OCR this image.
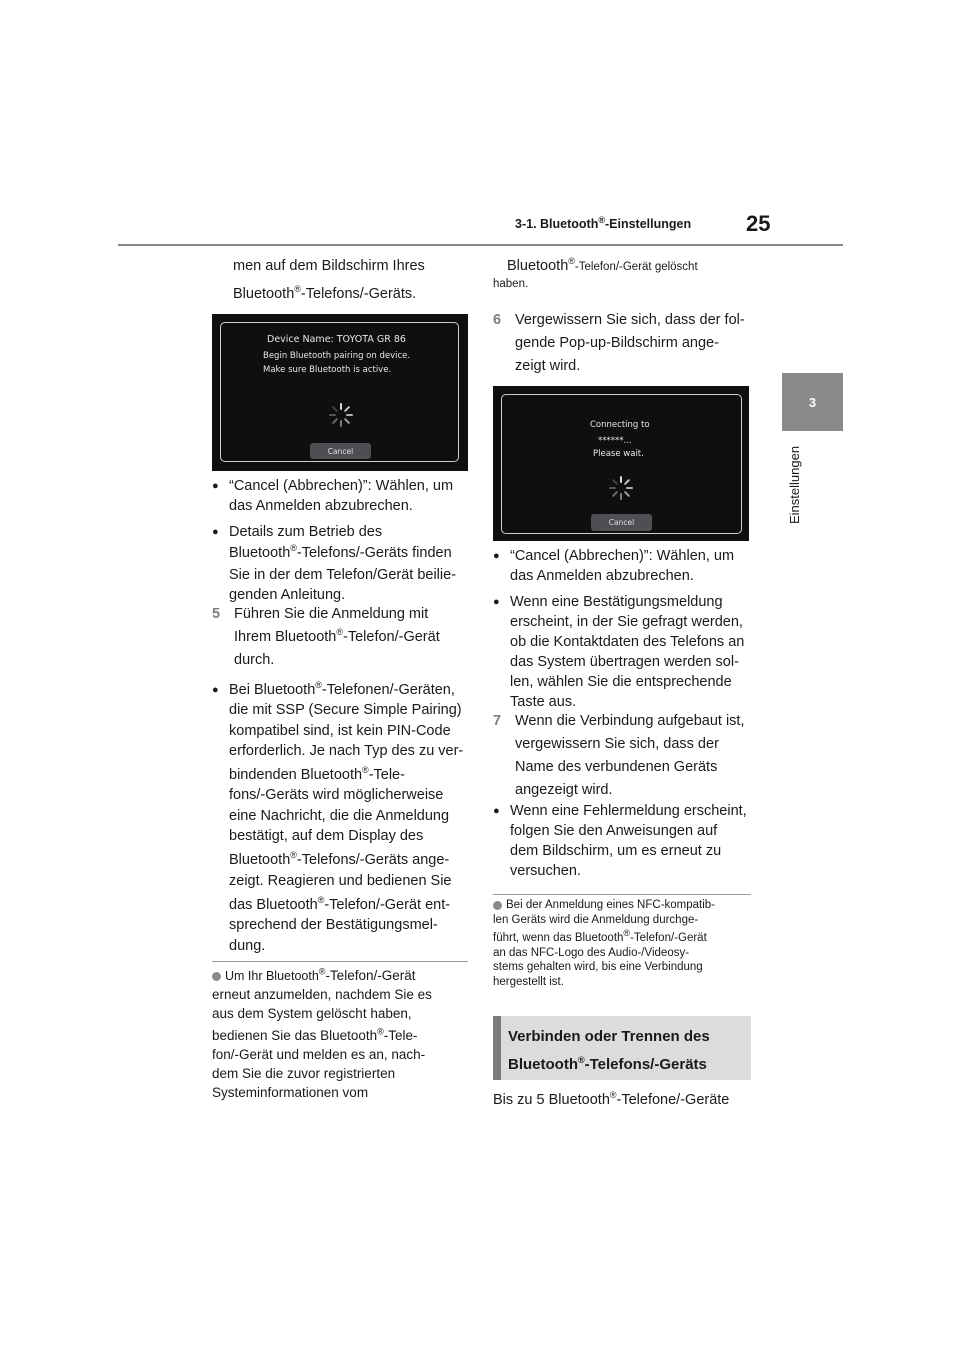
3-1. Bluetooth®-Einstellungen 25
3
Einstellungen
men auf dem Bildschirm Ihres
Bluetooth®-Telefons/-Geräts.
Device Name: TOYOTA GR 86
Begin Bluetooth pairing on device.
Make sure Bluetooth is active.
Cancel
● “Cancel (Abbrechen)”: Wählen, um
das Anmelden abzubrechen.
● Details zum Betrieb des
Bluetooth®-Telefons/-Geräts finden
Sie in der dem Telefon/Gerät beilie-
genden Anleitung.
5 Führen Sie die Anmeldung mit
Ihrem Bluetooth®-Telefon/-Gerät
durch.
● Bei Bluetooth®-Telefonen/-Geräten,
die mit SSP (Secure Simple Pairing)
kompatibel sind, ist kein PIN-Code
erforderlich. Je nach Typ des zu ver-
bindenden Bluetooth®-Tele-
fons/-Geräts wird möglicherweise
eine Nachricht, die die Anmeldung
bestätigt, auf dem Display des
Bluetooth®-Telefons/-Geräts ange-
zeigt. Reagieren und bedienen Sie
das Bluetooth®-Telefon/-Gerät ent-
sprechend der Bestätigungsmel-
dung.
Um Ihr Bluetooth®-Telefon/-Gerät
erneut anzumelden, nachdem Sie es
aus dem System gelöscht haben,
bedienen Sie das Bluetooth®-Tele-
fon/-Gerät und melden es an, nach-
dem Sie die zuvor registrierten
Systeminformationen vom
Bluetooth®-Telefon/-Gerät gelöscht
haben.
6 Vergewissern Sie sich, dass der fol-
gende Pop-up-Bildschirm ange-
zeigt wird.
Connecting to
******...
Please wait.
Cancel
● “Cancel (Abbrechen)”: Wählen, um
das Anmelden abzubrechen.
● Wenn eine Bestätigungsmeldung
erscheint, in der Sie gefragt werden,
ob die Kontaktdaten des Telefons an
das System übertragen werden sol-
len, wählen Sie die entsprechende
Taste aus.
7 Wenn die Verbindung aufgebaut ist,
vergewissern Sie sich, dass der
Name des verbundenen Geräts
angezeigt wird.
● Wenn eine Fehlermeldung erscheint,
folgen Sie den Anweisungen auf
dem Bildschirm, um es erneut zu
versuchen.
Bei der Anmeldung eines NFC-kompatib-
len Geräts wird die Anmeldung durchge-
führt, wenn das Bluetooth®-Telefon/-Gerät
an das NFC-Logo des Audio-/Videosy-
stems gehalten wird, bis eine Verbindung
hergestellt ist.
Verbinden oder Trennen des
Bluetooth®-Telefons/-Geräts
Bis zu 5 Bluetooth®-Telefone/-Geräte
